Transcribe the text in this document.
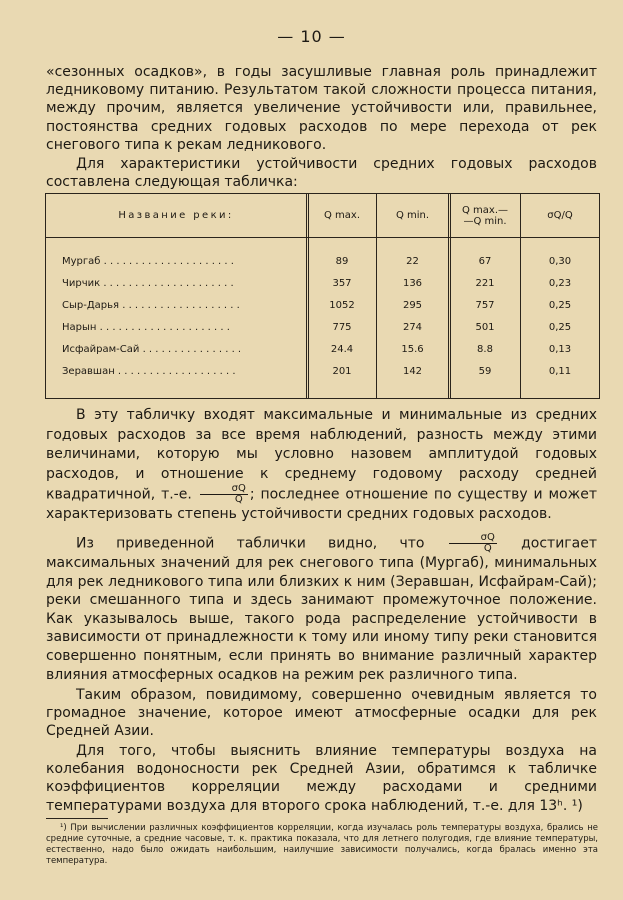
— 10 —

«сезонных осадков», в годы засушливые главная роль принадлежит ледниковому питанию. Результатом такой сложности процесса питания, между прочим, является увеличение устойчивости или, правильнее, постоянства средних годовых расходов по мере перехода от рек снегового типа к рекам ледникового.

Для характеристики устойчивости средних годовых расходов составлена следующая табличка:

Название реки:	Q max.	Q min.	Q max.—
—Q min.	σQ/Q
Мургаб . . . . . . . . . . . . . . . . . . . . .	89	22	67	0,30
Чирчик . . . . . . . . . . . . . . . . . . . . .	357	136	221	0,23
Сыр-Дарья . . . . . . . . . . . . . . . . . . .	1052	295	757	0,25
Нарын . . . . . . . . . . . . . . . . . . . . .	775	274	501	0,25
Исфайрам-Сай . . . . . . . . . . . . . . . .	24.4	15.6	8.8	0,13
Зеравшан . . . . . . . . . . . . . . . . . . .	201	142	59	0,11

В эту табличку входят максимальные и минимальные из средних годовых расходов за все время наблюдений, разность между этими величинами, которую мы условно назовем амплитудой годовых расходов, и отношение к среднему годовому расходу средней квадратичной, т.-е. $\frac{\sigma Q}{Q}$ ; последнее отношение по существу и может характеризовать степень устойчивости средних годовых расходов.

Из приведенной таблички видно, что $\frac{\sigma Q}{Q}$ достигает максимальных значений для рек снегового типа (Мургаб), минимальных для рек ледникового типа или близких к ним (Зеравшан, Исфайрам-Сай); реки смешанного типа и здесь занимают промежуточное положение. Как указывалось выше, такого рода распределение устойчивости в зависимости от принадлежности к тому или иному типу реки становится совершенно понятным, если принять во внимание различный характер влияния атмосферных осадков на режим рек различного типа.

Таким образом, повидимому, совершенно очевидным является то громадное значение, которое имеют атмосферные осадки для рек Средней Азии.

Для того, чтобы выяснить влияние температуры воздуха на колебания водоносности рек Средней Азии, обратимся к табличке коэффициентов корреляции между расходами и средними температурами воздуха для второго срока наблюдений, т.-е. для 13ʰ. ¹)

¹) При вычислении различных коэффициентов корреляции, когда изучалась роль температуры воздуха, брались не средние суточные, а средние часовые, т. к. практика показала, что для летнего полугодия, где влияние температуры, естественно, надо было ожидать наибольшим, наилучшие зависимости получались, когда бралась именно эта температура.
